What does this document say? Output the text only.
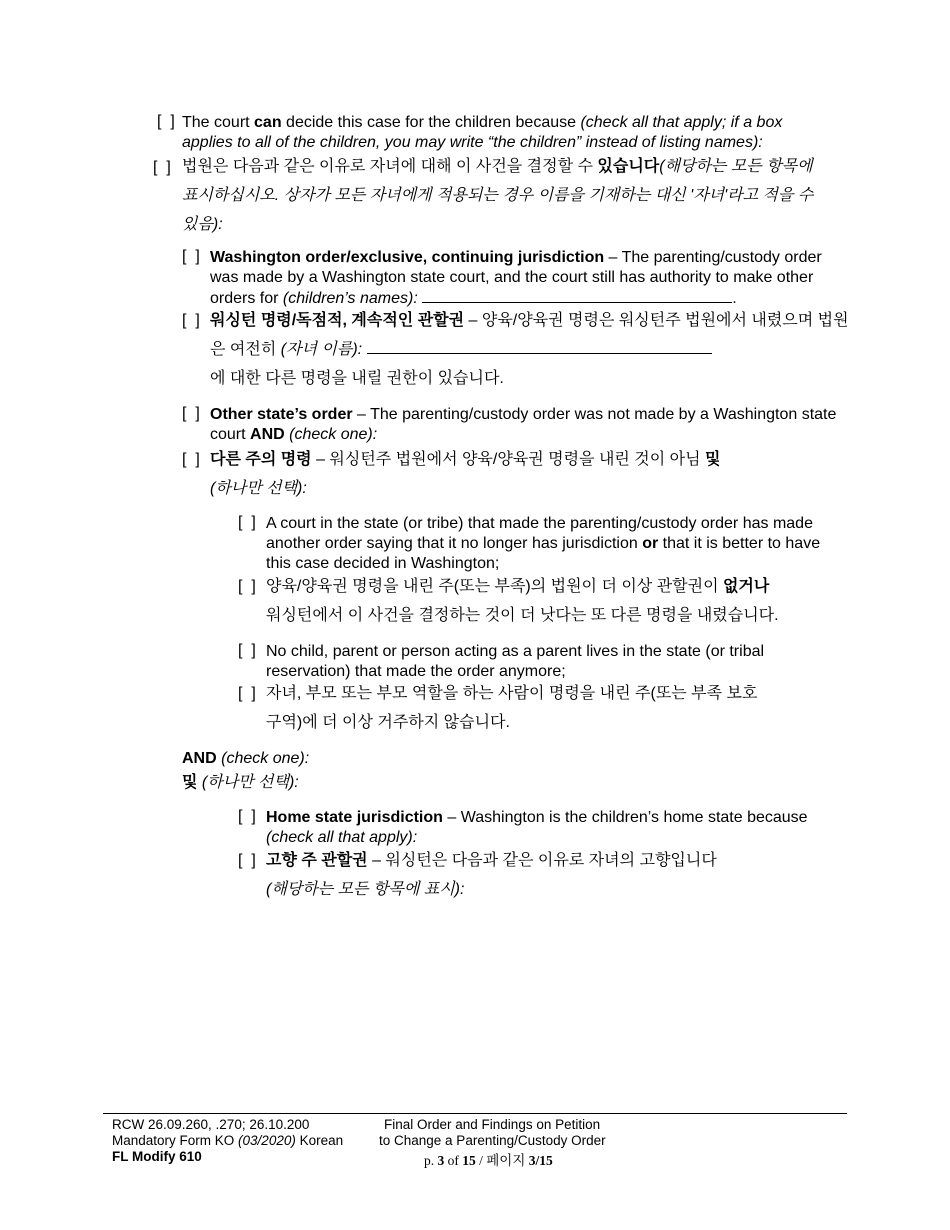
[  ] The court can decide this case for the children because (check all that apply; if a box applies to all of the children, you may write “the children” instead of listing names):
[  ] 법원은 다음과 같은 이유로 자녀에 대해 이 사건을 결정할 수 있습니다(해당하는 모든 항목에 표시하십시오. 상자가 모든 자녀에게 적용되는 경우 이름을 기재하는 대신 '자녀'라고 적을 수 있음):
[  ] Washington order/exclusive, continuing jurisdiction – The parenting/custody order was made by a Washington state court, and the court still has authority to make other orders for (children’s names):	.
[  ] 워싱턴 명령/독점적, 계속적인 관할권 – 양육/양육권 명령은 워싱턴주 법원에서 내렸으며 법원은 여전히 (자녀 이름):
에 대한 다른 명령을 내릴 권한이 있습니다.
[  ] Other state’s order – The parenting/custody order was not made by a Washington state court AND (check one):
[  ] 다른 주의 명령 – 워싱턴주 법원에서 양육/양육권 명령을 내린 것이 아님 및
(하나만 선택):
[  ] A court in the state (or tribe) that made the parenting/custody order has made another order saying that it no longer has jurisdiction or that it is better to have this case decided in Washington;
[  ] 양육/양육권 명령을 내린 주(또는 부족)의 법원이 더 이상 관할권이 없거나
워싱턴에서 이 사건을 결정하는 것이 더 낫다는 또 다른 명령을 내렸습니다.
[  ] No child, parent or person acting as a parent lives in the state (or tribal reservation) that made the order anymore;
[  ] 자녀, 부모 또는 부모 역할을 하는 사람이 명령을 내린 주(또는 부족 보호
구역)에 더 이상 거주하지 않습니다.
AND (check one):
및 (하나만 선택):
[  ] Home state jurisdiction – Washington is the children’s home state because
(check all that apply):
[  ] 고향 주 관할권 – 워싱턴은 다음과 같은 이유로 자녀의 고향입니다
(해당하는 모든 항목에 표시):
RCW 26.09.260, .270; 26.10.200
Mandatory Form KO (03/2020) Korean
FL Modify 610
Final Order and Findings on Petition
to Change a Parenting/Custody Order
p. 3 of 15 / 페이지 3/15
